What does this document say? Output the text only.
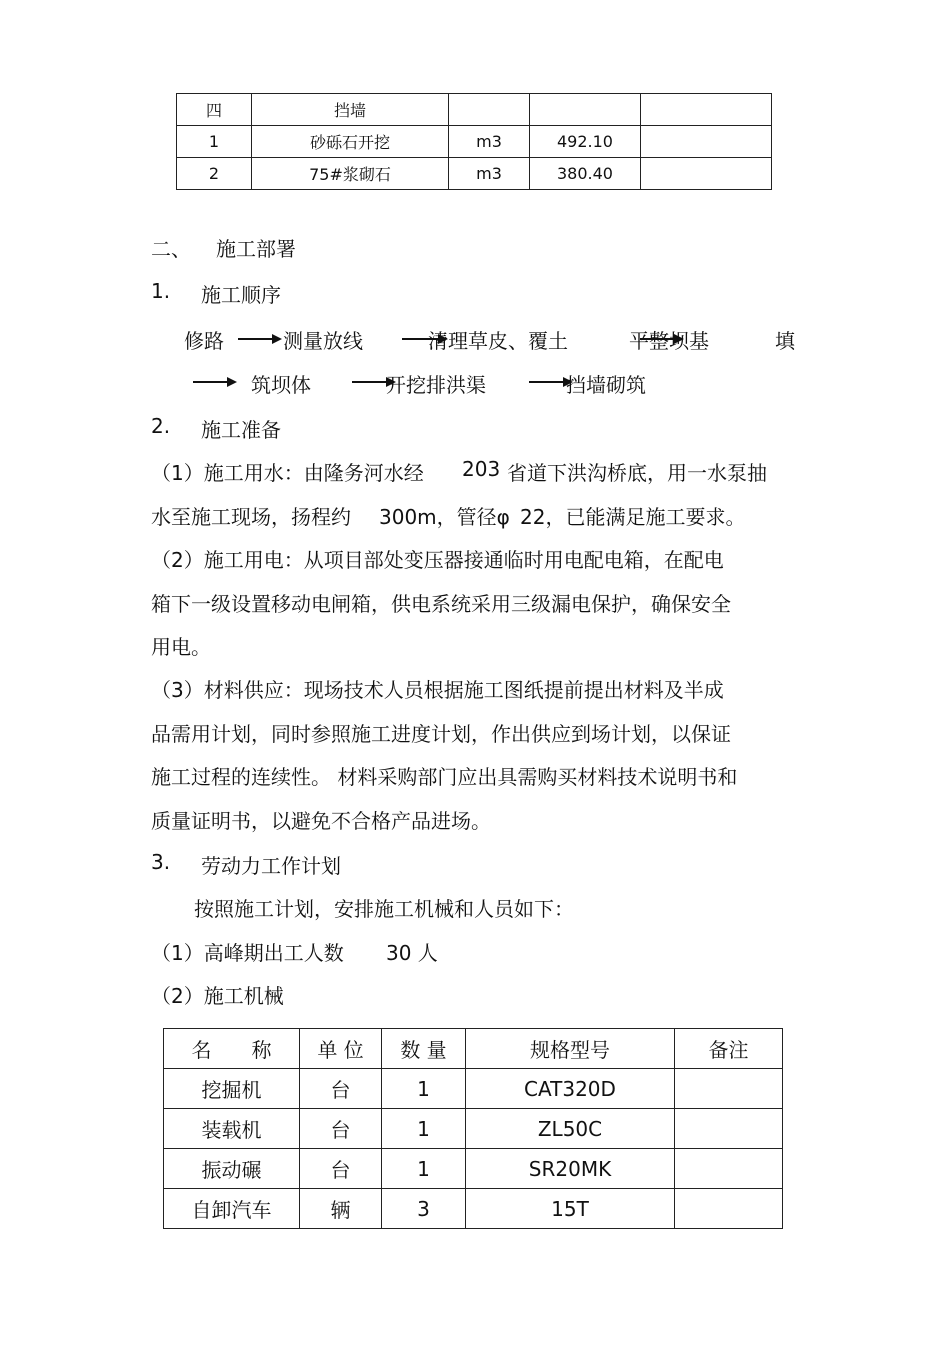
四	挡墙			
1	砂砾石开挖	m3	492.10	
2	75#浆砌石	m3	380.40	
二、 施工部署
1. 施工顺序
修路	测量放线	清理草皮、覆土	平整坝基	填
筑坝体	开挖排洪渠	挡墙砌筑
2. 施工准备
（1）施工用水：由隆务河水经 203 省道下洪沟桥底，用一水泵抽
水至施工现场，扬程约 300m，管径φ 22，已能满足施工要求。
（2）施工用电：从项目部处变压器接通临时用电配电箱，在配电
箱下一级设置移动电闸箱，供电系统采用三级漏电保护，确保安全
用电。
（3）材料供应：现场技术人员根据施工图纸提前提出材料及半成
品需用计划，同时参照施工进度计划，作出供应到场计划，以保证
施工过程的连续性。 材料采购部门应出具需购买材料技术说明书和
质量证明书，以避免不合格产品进场。
3. 劳动力工作计划
按照施工计划，安排施工机械和人员如下：
（1）高峰期出工人数 30 人
（2）施工机械
名　　称	单 位	数 量	规格型号	备注
挖掘机	台	1	CAT320D	
装载机	台	1	ZL50C	
振动碾	台	1	SR20MK	
自卸汽车	辆	3	15T	
